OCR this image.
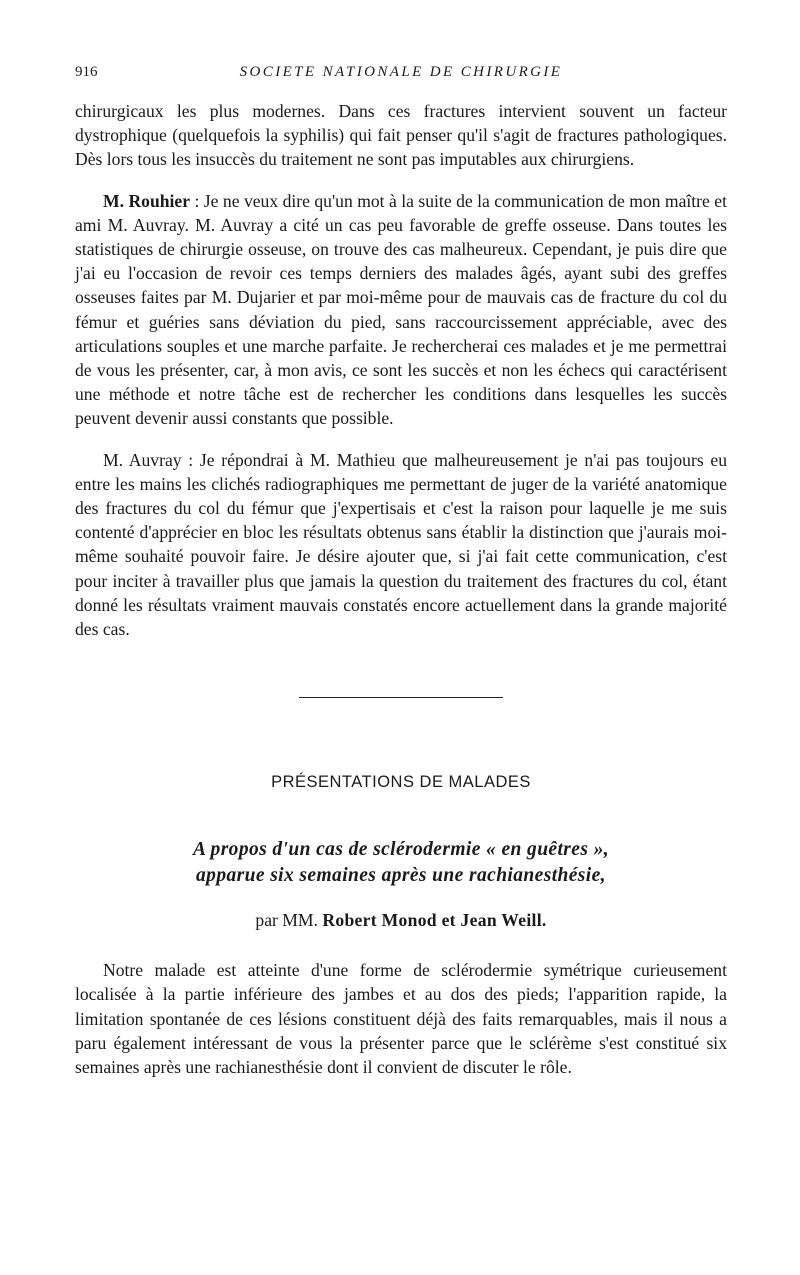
916	SOCIETE NATIONALE DE CHIRURGIE

chirurgicaux les plus modernes. Dans ces fractures intervient souvent un facteur dystrophique (quelquefois la syphilis) qui fait penser qu'il s'agit de fractures pathologiques. Dès lors tous les insuccès du traitement ne sont pas imputables aux chirurgiens.

M. Rouhier : Je ne veux dire qu'un mot à la suite de la communication de mon maître et ami M. Auvray. M. Auvray a cité un cas peu favorable de greffe osseuse. Dans toutes les statistiques de chirurgie osseuse, on trouve des cas malheureux. Cependant, je puis dire que j'ai eu l'occasion de revoir ces temps derniers des malades âgés, ayant subi des greffes osseuses faites par M. Dujarier et par moi-même pour de mauvais cas de fracture du col du fémur et guéries sans déviation du pied, sans raccourcissement appréciable, avec des articulations souples et une marche parfaite. Je rechercherai ces malades et je me permettrai de vous les présenter, car, à mon avis, ce sont les succès et non les échecs qui caractérisent une méthode et notre tâche est de rechercher les conditions dans lesquelles les succès peuvent devenir aussi constants que possible.

M. Auvray : Je répondrai à M. Mathieu que malheureusement je n'ai pas toujours eu entre les mains les clichés radiographiques me permettant de juger de la variété anatomique des fractures du col du fémur que j'expertisais et c'est la raison pour laquelle je me suis contenté d'apprécier en bloc les résultats obtenus sans établir la distinction que j'aurais moi-même souhaité pouvoir faire. Je désire ajouter que, si j'ai fait cette communication, c'est pour inciter à travailler plus que jamais la question du traitement des fractures du col, étant donné les résultats vraiment mauvais constatés encore actuellement dans la grande majorité des cas.

PRÉSENTATIONS DE MALADES
A propos d'un cas de sclérodermie « en guêtres »,
apparue six semaines après une rachianesthésie,
par MM. Robert Monod et Jean Weill.

Notre malade est atteinte d'une forme de sclérodermie symétrique curieusement localisée à la partie inférieure des jambes et au dos des pieds; l'apparition rapide, la limitation spontanée de ces lésions constituent déjà des faits remarquables, mais il nous a paru également intéressant de vous la présenter parce que le sclérème s'est constitué six semaines après une rachianesthésie dont il convient de discuter le rôle.
